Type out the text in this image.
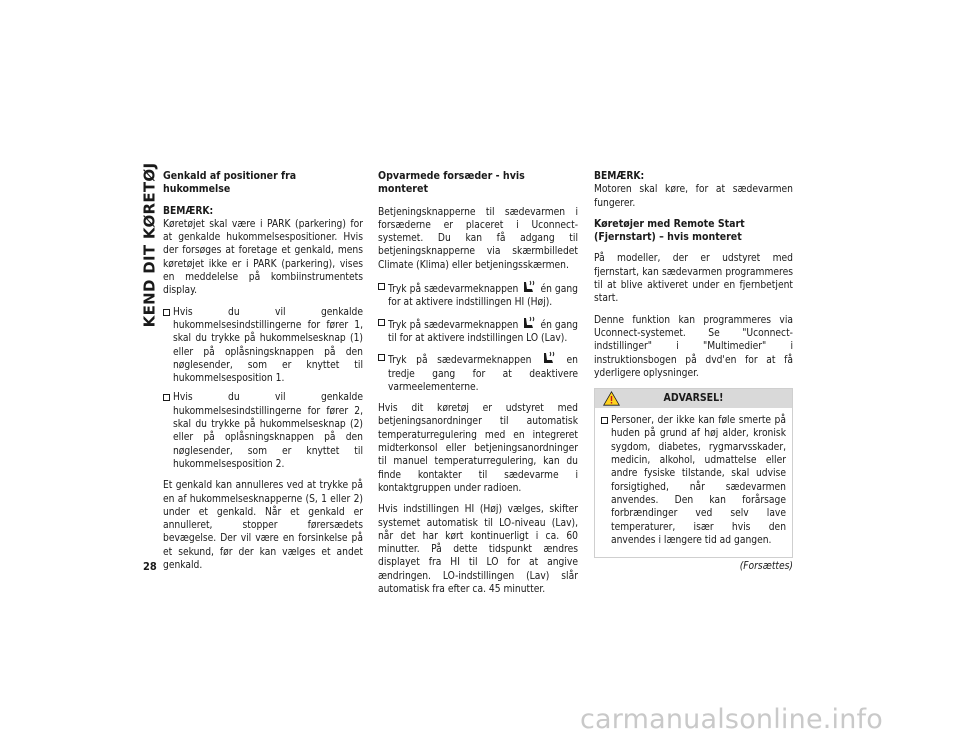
KEND DIT KØRETØJ
28
Genkald af positioner fra hukommelse

BEMÆRK:
Køretøjet skal være i PARK (parkering) for at genkalde hukommelsespositioner. Hvis der forsøges at foretage et genkald, mens køretøjet ikke er i PARK (parkering), vises en meddelelse på kombiinstrumentets display.

Hvis du vil genkalde hukommelsesindstillingerne for fører 1, skal du trykke på hukommelsesknap (1) eller på oplåsningsknappen på den nøglesender, som er knyttet til hukommelsesposition 1.
Hvis du vil genkalde hukommelsesindstillingerne for fører 2, skal du trykke på hukommelsesknap (2) eller på oplåsningsknappen på den nøglesender, som er knyttet til hukommelsesposition 2.

Et genkald kan annulleres ved at trykke på en af hukommelsesknapperne (S, 1 eller 2) under et genkald. Når et genkald er annulleret, stopper førersædets bevægelse. Der vil være en forsinkelse på et sekund, før der kan vælges et andet genkald.

Opvarmede forsæder - hvis monteret

Betjeningsknapperne til sædevarmen i forsæderne er placeret i Uconnect-systemet. Du kan få adgang til betjeningsknapperne via skærmbilledet Climate (Klima) eller betjeningsskærmen.

Tryk på sædevarmeknappen én gang for at aktivere indstillingen HI (Høj).
Tryk på sædevarmeknappen én gang til for at aktivere indstillingen LO (Lav).
Tryk på sædevarmeknappen	en tredje gang for at deaktivere varmeelementerne.

Hvis dit køretøj er udstyret med betjeningsanordninger til automatisk temperaturregulering med en integreret midterkonsol eller betjeningsanordninger til manuel temperaturregulering, kan du finde kontakter til sædevarme i kontaktgruppen under radioen.

Hvis indstillingen HI (Høj) vælges, skifter systemet automatisk til LO-niveau (Lav), når det har kørt kontinuerligt i ca. 60 minutter. På dette tidspunkt ændres displayet fra HI til LO for at angive ændringen. LO-indstillingen (Lav) slår automatisk fra efter ca. 45 minutter.

BEMÆRK:
Motoren skal køre, for at sædevarmen fungerer.

Køretøjer med Remote Start (Fjernstart) – hvis monteret

På modeller, der er udstyret med fjernstart, kan sædevarmen programmeres til at blive aktiveret under en fjernbetjent start.

Denne funktion kan programmeres via Uconnect-systemet. Se "Uconnect-indstillinger" i "Multimedier" i instruktionsbogen på dvd'en for at få yderligere oplysninger.

ADVARSEL!
Personer, der ikke kan føle smerte på huden på grund af høj alder, kronisk sygdom, diabetes, rygmarvsskader, medicin, alkohol, udmattelse eller andre fysiske tilstande, skal udvise forsigtighed, når sædevarmen anvendes. Den kan forårsage forbrændinger ved selv lave temperaturer, især hvis den anvendes i længere tid ad gangen.
(Forsættes)
carmanualsonline.info
